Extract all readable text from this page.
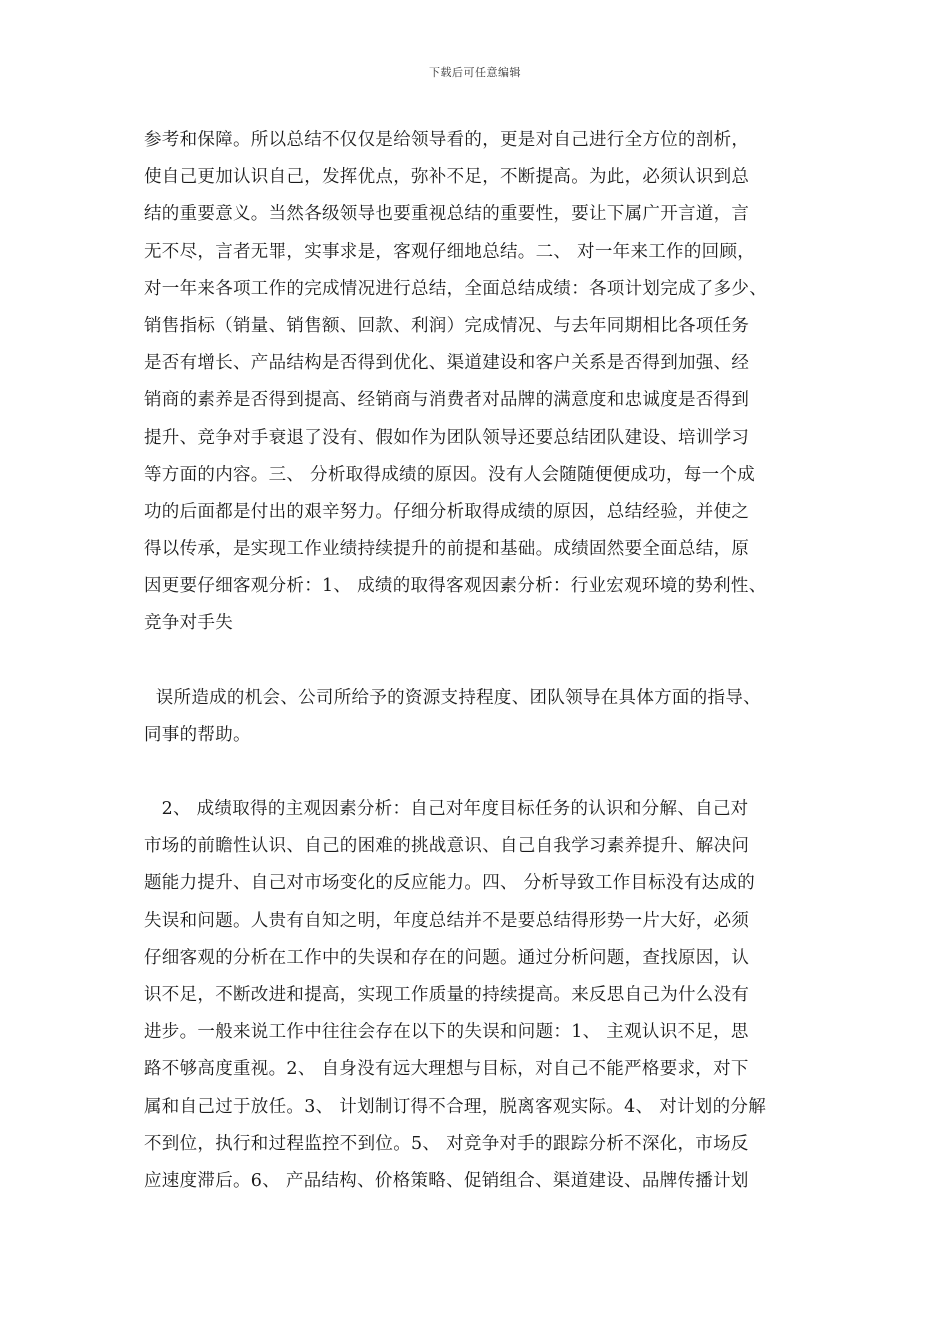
下载后可任意编辑
参考和保障。所以总结不仅仅是给领导看的，更是对自己进行全方位的剖析，
使自己更加认识自己，发挥优点，弥补不足，不断提高。为此，必须认识到总
结的重要意义。当然各级领导也要重视总结的重要性，要让下属广开言道，言
无不尽，言者无罪，实事求是，客观仔细地总结。二、 对一年来工作的回顾，
对一年来各项工作的完成情况进行总结，全面总结成绩：各项计划完成了多少、
销售指标（销量、销售额、回款、利润）完成情况、与去年同期相比各项任务
是否有增长、产品结构是否得到优化、渠道建设和客户关系是否得到加强、经
销商的素养是否得到提高、经销商与消费者对品牌的满意度和忠诚度是否得到
提升、竞争对手衰退了没有、假如作为团队领导还要总结团队建设、培训学习
等方面的内容。三、 分析取得成绩的原因。没有人会随随便便成功，每一个成
功的后面都是付出的艰辛努力。仔细分析取得成绩的原因，总结经验，并使之
得以传承，是实现工作业绩持续提升的前提和基础。成绩固然要全面总结，原
因更要仔细客观分析：1、 成绩的取得客观因素分析：行业宏观环境的势利性、
竞争对手失
误所造成的机会、公司所给予的资源支持程度、团队领导在具体方面的指导、
同事的帮助。
2、 成绩取得的主观因素分析：自己对年度目标任务的认识和分解、自己对
市场的前瞻性认识、自己的困难的挑战意识、自己自我学习素养提升、解决问
题能力提升、自己对市场变化的反应能力。四、 分析导致工作目标没有达成的
失误和问题。人贵有自知之明，年度总结并不是要总结得形势一片大好，必须
仔细客观的分析在工作中的失误和存在的问题。通过分析问题，查找原因，认
识不足，不断改进和提高，实现工作质量的持续提高。来反思自己为什么没有
进步。一般来说工作中往往会存在以下的失误和问题：1、 主观认识不足，思
路不够高度重视。2、 自身没有远大理想与目标，对自己不能严格要求，对下
属和自己过于放任。3、 计划制订得不合理，脱离客观实际。4、 对计划的分解
不到位，执行和过程监控不到位。5、 对竞争对手的跟踪分析不深化，市场反
应速度滞后。6、 产品结构、价格策略、促销组合、渠道建设、品牌传播计划
